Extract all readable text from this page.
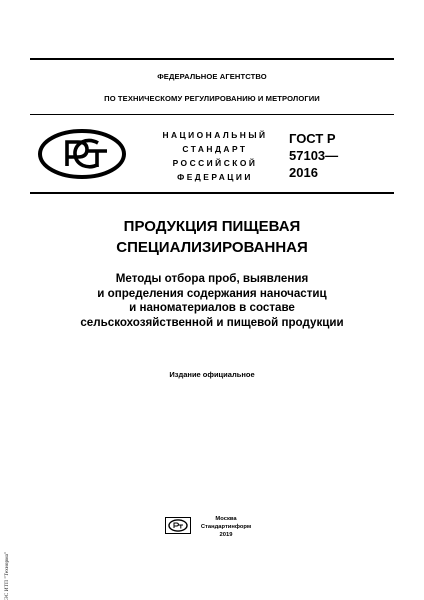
ФЕДЕРАЛЬНОЕ АГЕНТСТВО
ПО ТЕХНИЧЕСКОМУ РЕГУЛИРОВАНИЮ И МЕТРОЛОГИИ
НАЦИОНАЛЬНЫЙ
СТАНДАРТ
РОССИЙСКОЙ
ФЕДЕРАЦИИ
ГОСТ Р
57103—
2016
ПРОДУКЦИЯ ПИЩЕВАЯ
СПЕЦИАЛИЗИРОВАННАЯ
Методы отбора проб, выявления
и определения содержания наночастиц
и наноматериалов в составе
сельскохозяйственной и пищевой продукции
Издание официальное
Москва
Стандартинформ
2019
ЭС ИТП "Технорма"
